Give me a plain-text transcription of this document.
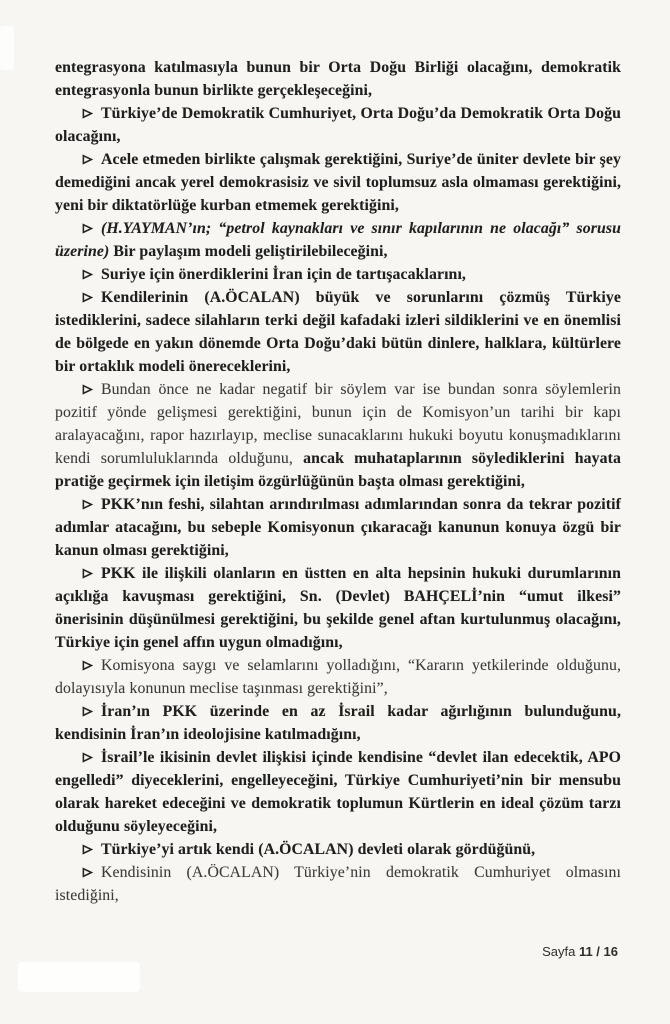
entegrasyona katılmasıyla bunun bir Orta Doğu Birliği olacağını, demokratik entegrasyonla bunun birlikte gerçekleşeceğini,

Türkiye’de Demokratik Cumhuriyet, Orta Doğu’da Demokratik Orta Doğu olacağını,

Acele etmeden birlikte çalışmak gerektiğini, Suriye’de üniter devlete bir şey demediğini ancak yerel demokrasisiz ve sivil toplumsuz asla olmaması gerektiğini, yeni bir diktatörlüğe kurban etmemek gerektiğini,

(H.YAYMAN’ın; “petrol kaynakları ve sınır kapılarının ne olacağı” sorusu üzerine) Bir paylaşım modeli geliştirilebileceğini,

Suriye için önerdiklerini İran için de tartışacaklarını,

Kendilerinin (A.ÖCALAN) büyük ve sorunlarını çözmüş Türkiye istediklerini, sadece silahların terki değil kafadaki izleri sildiklerini ve en önemlisi de bölgede en yakın dönemde Orta Doğu’daki bütün dinlere, halklara, kültürlere bir ortaklık modeli önereceklerini,

Bundan önce ne kadar negatif bir söylem var ise bundan sonra söylemlerin pozitif yönde gelişmesi gerektiğini, bunun için de Komisyon’un tarihi bir kapı aralayacağını, rapor hazırlayıp, meclise sunacaklarını hukuki boyutu konuşmadıklarını kendi sorumluluklarında olduğunu, ancak muhataplarının söylediklerini hayata pratiğe geçirmek için iletişim özgürlüğünün başta olması gerektiğini,

PKK’nın feshi, silahtan arındırılması adımlarından sonra da tekrar pozitif adımlar atacağını, bu sebeple Komisyonun çıkaracağı kanunun konuya özgü bir kanun olması gerektiğini,

PKK ile ilişkili olanların en üstten en alta hepsinin hukuki durumlarının açıklığa kavuşması gerektiğini, Sn. (Devlet) BAHÇELİ’nin “umut ilkesi” önerisinin düşünülmesi gerektiğini, bu şekilde genel aftan kurtulunmuş olacağını, Türkiye için genel affın uygun olmadığını,

Komisyona saygı ve selamlarını yolladığını, “Kararın yetkilerinde olduğunu, dolayısıyla konunun meclise taşınması gerektiğini”,

İran’ın PKK üzerinde en az İsrail kadar ağırlığının bulunduğunu, kendisinin İran’ın ideolojisine katılmadığını,

İsrail’le ikisinin devlet ilişkisi içinde kendisine “devlet ilan edecektik, APO engelledi” diyeceklerini, engelleyeceğini, Türkiye Cumhuriyeti’nin bir mensubu olarak hareket edeceğini ve demokratik toplumun Kürtlerin en ideal çözüm tarzı olduğunu söyleyeceğini,

Türkiye’yi artık kendi (A.ÖCALAN) devleti olarak gördüğünü,

Kendisinin (A.ÖCALAN) Türkiye’nin demokratik Cumhuriyet olmasını istediğini,

Sayfa 11 / 16
